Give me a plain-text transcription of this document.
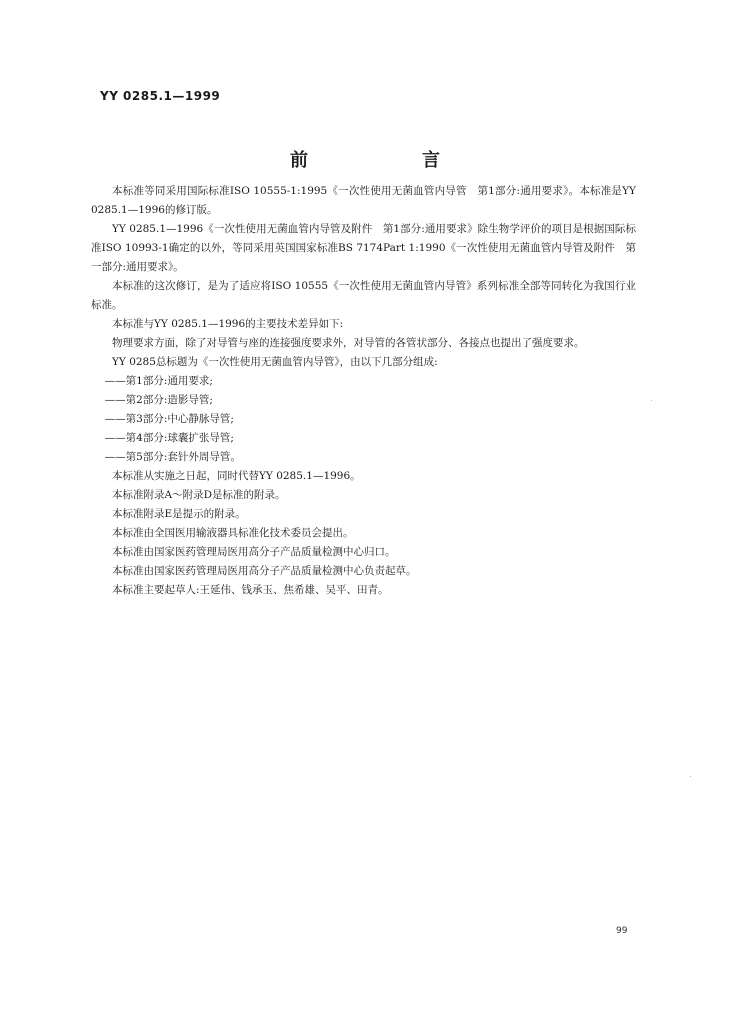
YY 0285.1—1999
前　言

本标准等同采用国际标准ISO 10555-1:1995《一次性使用无菌血管内导管　第1部分:通用要求》。本标准是YY 0285.1—1996的修订版。

YY 0285.1—1996《一次性使用无菌血管内导管及附件　第1部分:通用要求》除生物学评价的项目是根据国际标准ISO 10993-1确定的以外，等同采用英国国家标准BS 7174Part 1:1990《一次性使用无菌血管内导管及附件　第一部分:通用要求》。

本标准的这次修订，是为了适应将ISO 10555《一次性使用无菌血管内导管》系列标准全部等同转化为我国行业标准。

本标准与YY 0285.1—1996的主要技术差异如下:

物理要求方面，除了对导管与座的连接强度要求外，对导管的各管状部分、各接点也提出了强度要求。

YY 0285总标题为《一次性使用无菌血管内导管》，由以下几部分组成:

——第1部分:通用要求;

——第2部分:造影导管;

——第3部分:中心静脉导管;

——第4部分:球囊扩张导管;

——第5部分:套针外周导管。

本标准从实施之日起，同时代替YY 0285.1—1996。

本标准附录A～附录D是标准的附录。

本标准附录E是提示的附录。

本标准由全国医用输液器具标准化技术委员会提出。

本标准由国家医药管理局医用高分子产品质量检测中心归口。

本标准由国家医药管理局医用高分子产品质量检测中心负责起草。

本标准主要起草人:王延伟、钱承玉、焦希雄、吴平、田青。

99
